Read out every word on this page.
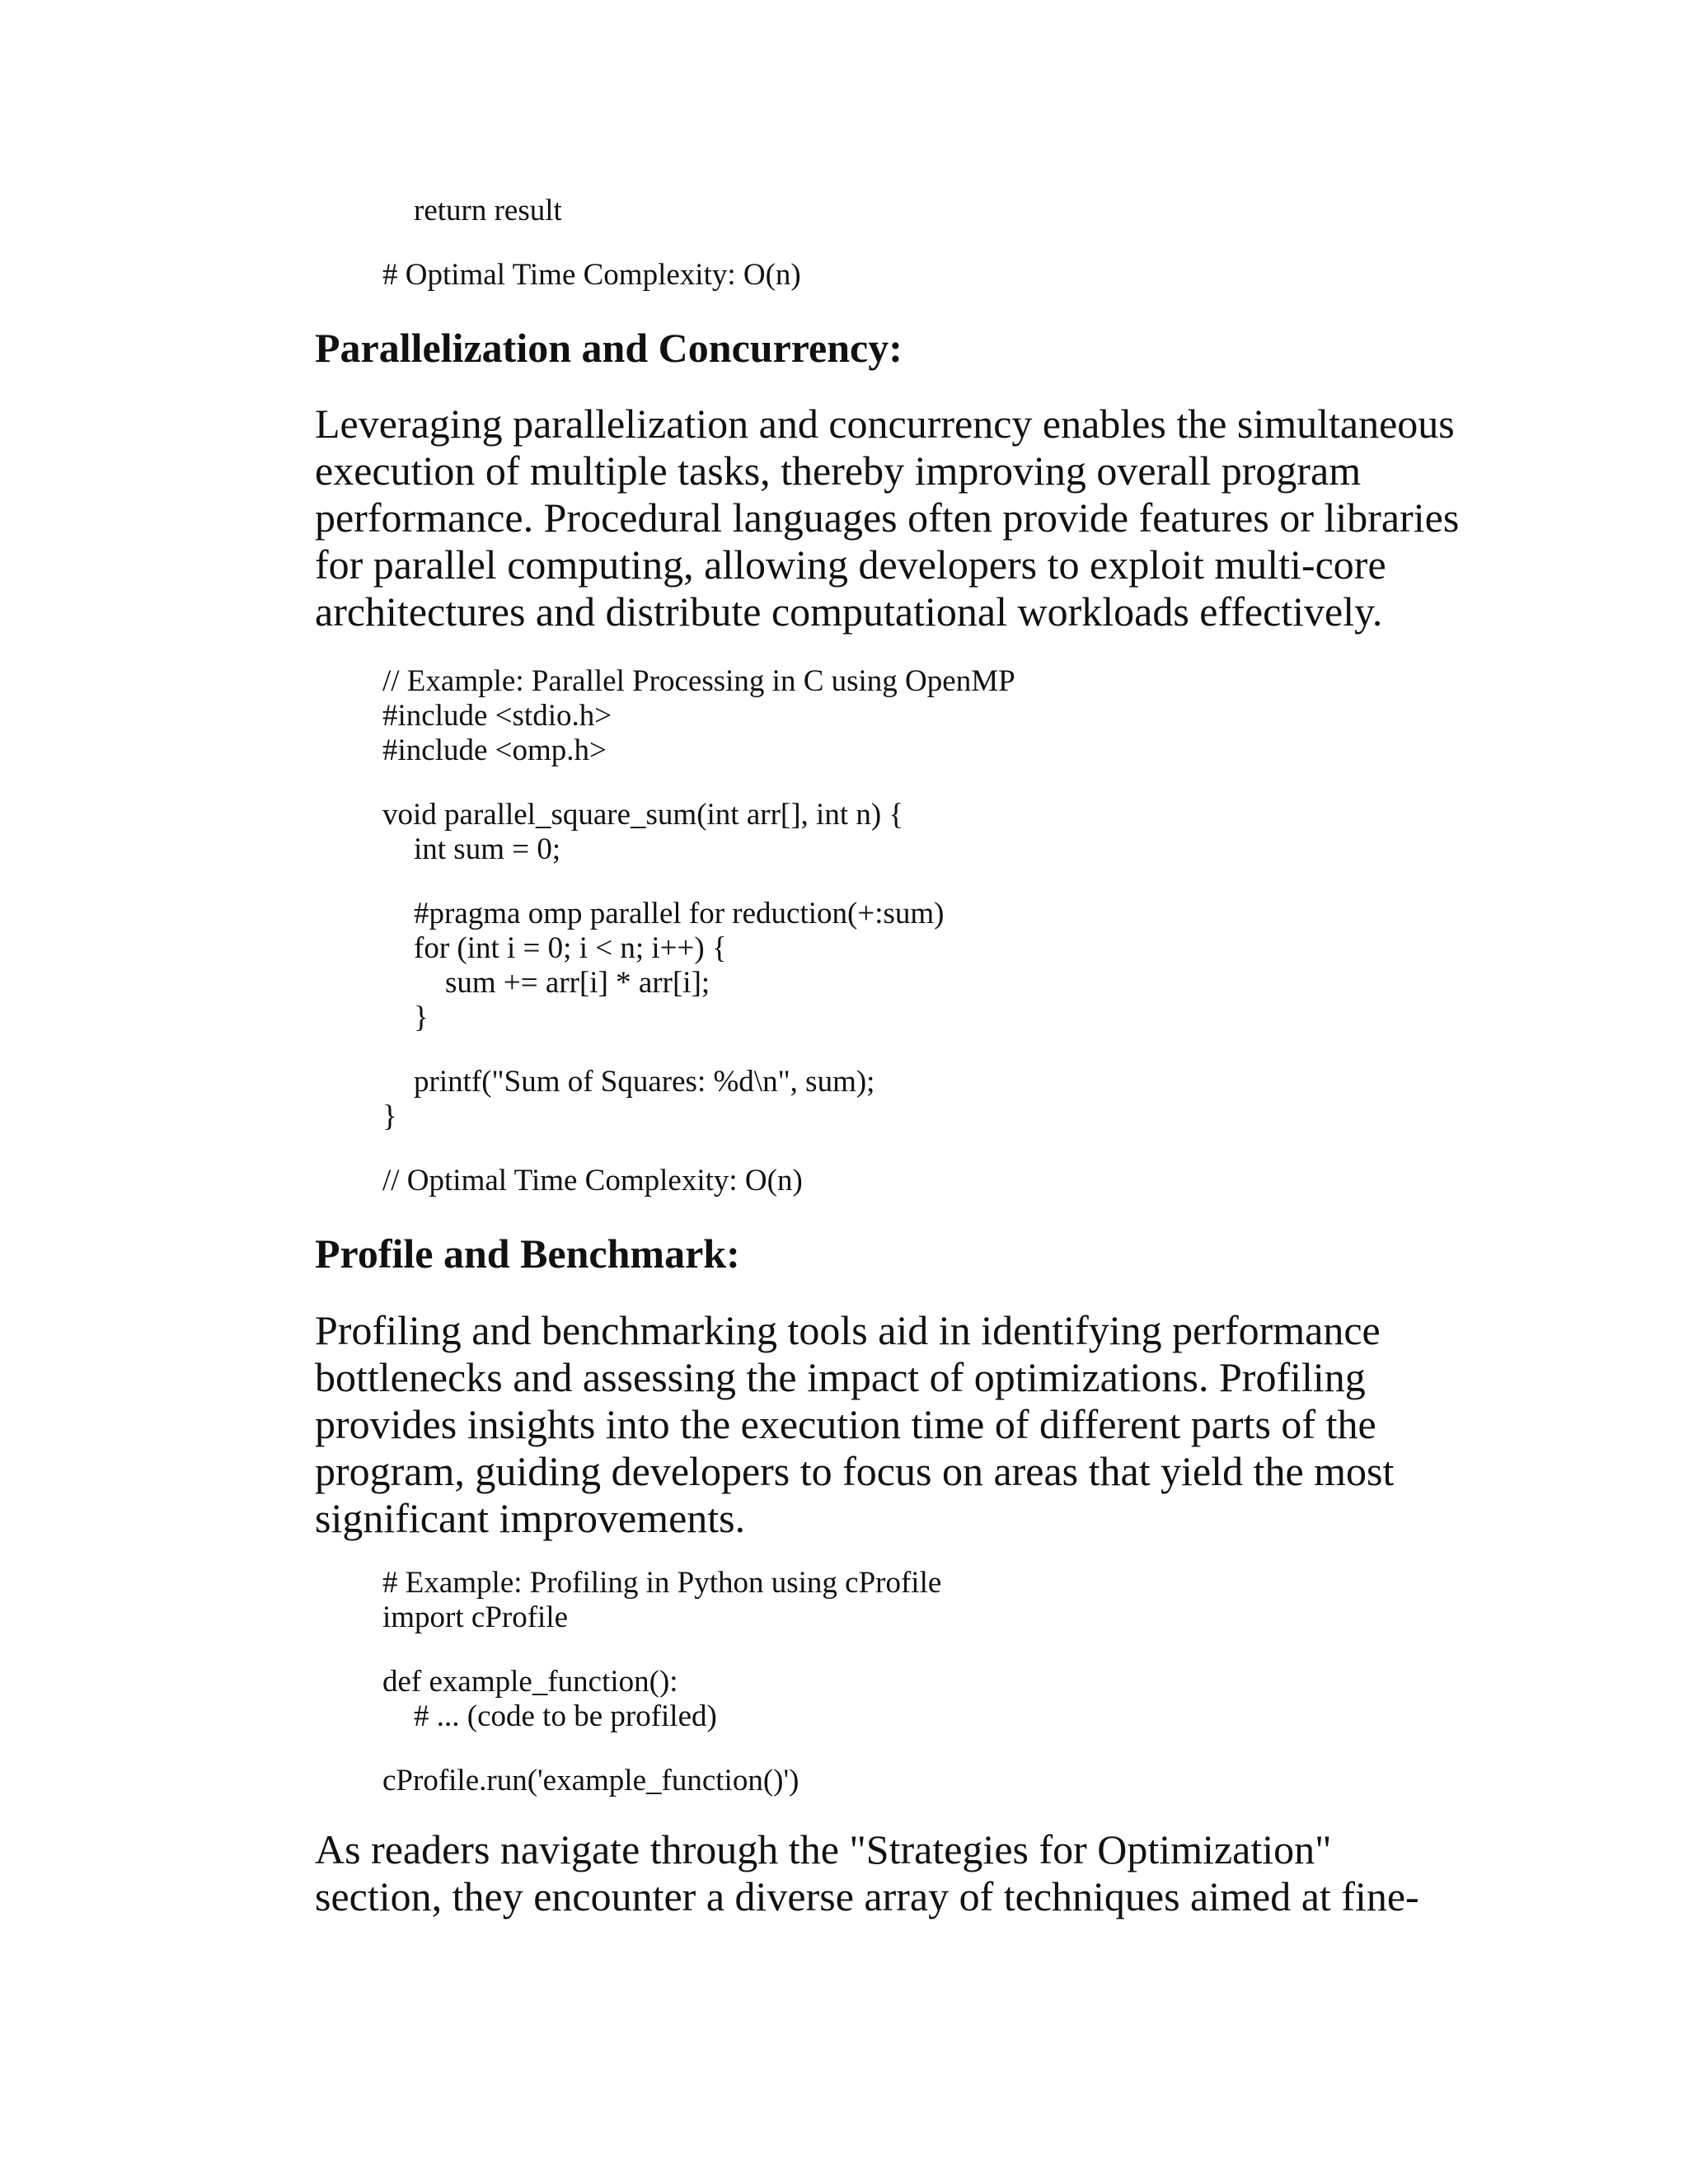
return result
# Optimal Time Complexity: O(n)
Parallelization and Concurrency:

Leveraging parallelization and concurrency enables the simultaneous
execution of multiple tasks, thereby improving overall program
performance. Procedural languages often provide features or libraries
for parallel computing, allowing developers to exploit multi-core
architectures and distribute computational workloads effectively.

// Example: Parallel Processing in C using OpenMP
#include <stdio.h>
#include <omp.h>
void parallel_square_sum(int arr[], int n) {
int sum = 0;
#pragma omp parallel for reduction(+:sum)
for (int i = 0; i < n; i++) {
sum += arr[i] * arr[i];
}
printf("Sum of Squares: %d\n", sum);
}
// Optimal Time Complexity: O(n)
Profile and Benchmark:

Profiling and benchmarking tools aid in identifying performance
bottlenecks and assessing the impact of optimizations. Profiling
provides insights into the execution time of different parts of the
program, guiding developers to focus on areas that yield the most
significant improvements.

# Example: Profiling in Python using cProfile
import cProfile
def example_function():
# ... (code to be profiled)
cProfile.run('example_function()')

As readers navigate through the "Strategies for Optimization"
section, they encounter a diverse array of techniques aimed at fine-
